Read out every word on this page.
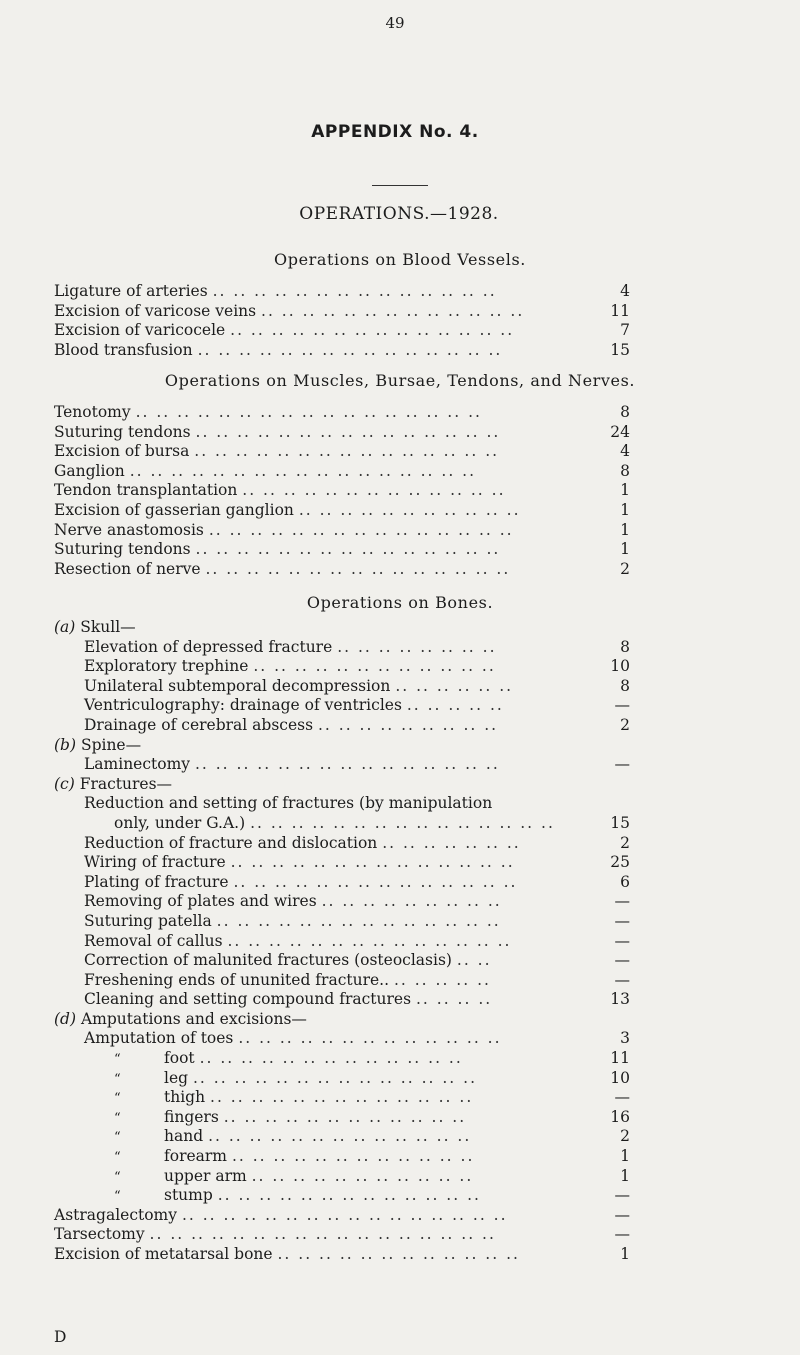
49
APPENDIX No. 4.
OPERATIONS.—1928.
Operations on Blood Vessels.
Ligature of arteries .. .. .. .. .. .. .. .. .. .. .. .. .. ..	4
Excision of varicose veins .. .. .. .. .. .. .. .. .. .. .. .. ..	11
Excision of varicocele .. .. .. .. .. .. .. .. .. .. .. .. .. ..	7
Blood transfusion .. .. .. .. .. .. .. .. .. .. .. .. .. .. ..	15
Operations on Muscles, Bursae, Tendons, and Nerves.
Tenotomy .. .. .. .. .. .. .. .. .. .. .. .. .. .. .. .. ..	8
Suturing tendons .. .. .. .. .. .. .. .. .. .. .. .. .. .. ..	24
Excision of bursa .. .. .. .. .. .. .. .. .. .. .. .. .. .. ..	4
Ganglion .. .. .. .. .. .. .. .. .. .. .. .. .. .. .. .. ..	8
Tendon transplantation .. .. .. .. .. .. .. .. .. .. .. .. ..	1
Excision of gasserian ganglion .. .. .. .. .. .. .. .. .. .. ..	1
Nerve anastomosis .. .. .. .. .. .. .. .. .. .. .. .. .. .. ..	1
Suturing tendons .. .. .. .. .. .. .. .. .. .. .. .. .. .. ..	1
Resection of nerve .. .. .. .. .. .. .. .. .. .. .. .. .. .. ..	2
Operations on Bones.
(a) Skull—
Elevation of depressed fracture .. .. .. .. .. .. .. ..	8
Exploratory trephine .. .. .. .. .. .. .. .. .. .. .. ..	10
Unilateral subtemporal decompression .. .. .. .. .. ..	8
Ventriculography: drainage of ventricles .. .. .. .. ..	—
Drainage of cerebral abscess .. .. .. .. .. .. .. .. ..	2
(b) Spine—
Laminectomy .. .. .. .. .. .. .. .. .. .. .. .. .. .. ..	—
(c) Fractures—
Reduction and setting of fractures (by manipulation
only, under G.A.) .. .. .. .. .. .. .. .. .. .. .. .. .. .. ..	15
Reduction of fracture and dislocation .. .. .. .. .. .. ..	2
Wiring of fracture .. .. .. .. .. .. .. .. .. .. .. .. .. ..	25
Plating of fracture .. .. .. .. .. .. .. .. .. .. .. .. .. ..	6
Removing of plates and wires .. .. .. .. .. .. .. .. ..	—
Suturing patella .. .. .. .. .. .. .. .. .. .. .. .. .. ..	—
Removal of callus .. .. .. .. .. .. .. .. .. .. .. .. .. ..	—
Correction of malunited fractures (osteoclasis) .. ..	—
Freshening ends of ununited fracture.. .. .. .. .. ..	—
Cleaning and setting compound fractures .. .. .. ..	13
(d) Amputations and excisions—
Amputation of toes .. .. .. .. .. .. .. .. .. .. .. .. ..	3
“	foot .. .. .. .. .. .. .. .. .. .. .. .. ..	11
“	leg .. .. .. .. .. .. .. .. .. .. .. .. .. ..	10
“	thigh .. .. .. .. .. .. .. .. .. .. .. .. ..	—
“	fingers .. .. .. .. .. .. .. .. .. .. .. ..	16
“	hand .. .. .. .. .. .. .. .. .. .. .. .. ..	2
“	forearm .. .. .. .. .. .. .. .. .. .. .. ..	1
“	upper arm .. .. .. .. .. .. .. .. .. .. ..	1
“	stump .. .. .. .. .. .. .. .. .. .. .. .. ..	—
Astragalectomy .. .. .. .. .. .. .. .. .. .. .. .. .. .. .. ..	—
Tarsectomy .. .. .. .. .. .. .. .. .. .. .. .. .. .. .. .. ..	—
Excision of metatarsal bone .. .. .. .. .. .. .. .. .. .. .. ..	1
D
